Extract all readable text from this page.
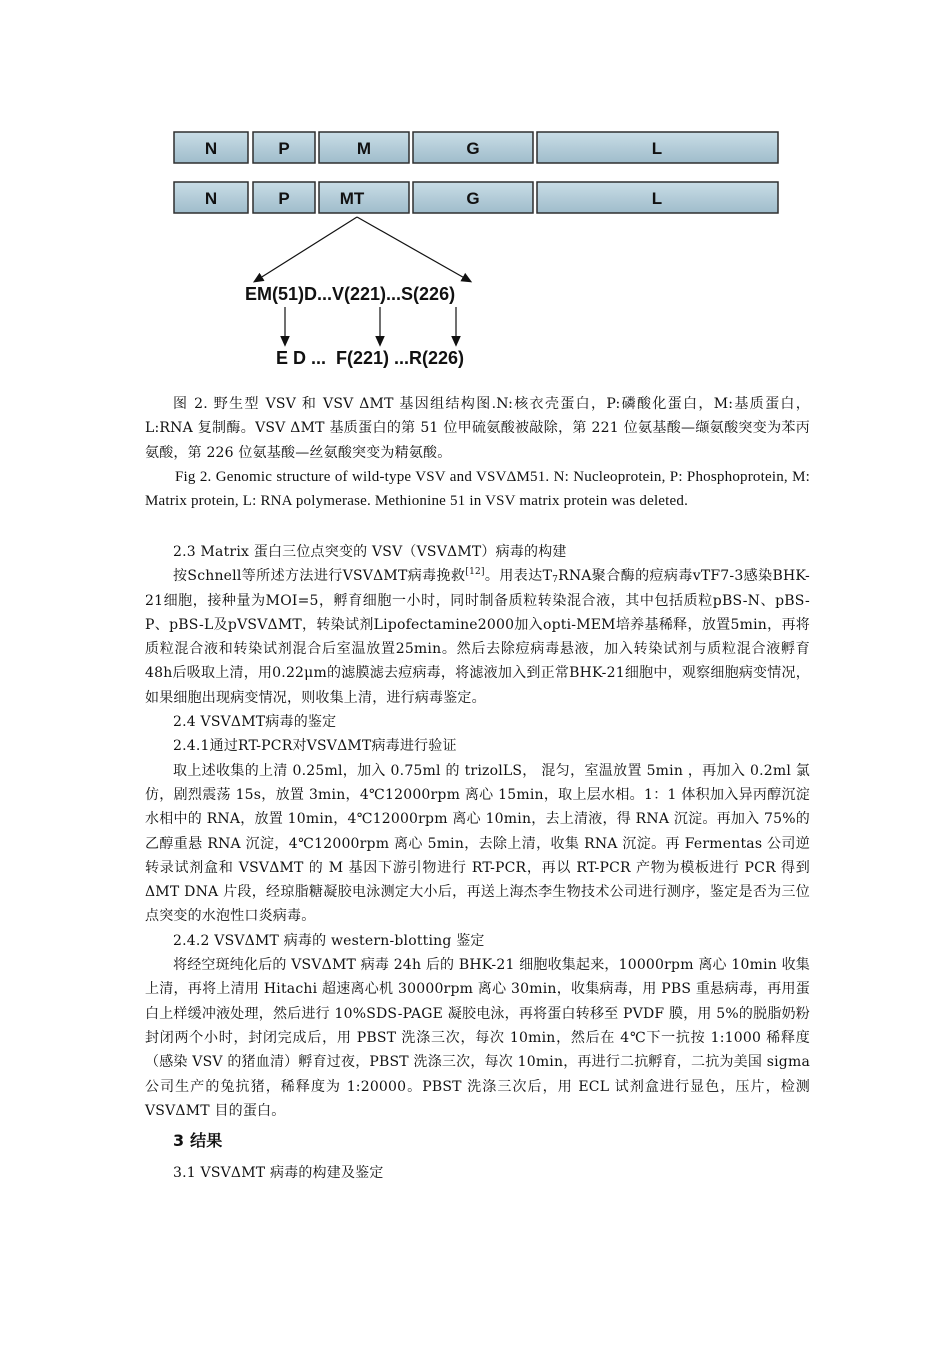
N	P	M	G	L
N	P	MT	G	L
EM(51)D...V(221)...S(226)
E D ...  F(221) ...R(226)

图 2. 野生型 VSV 和 VSV ΔMT 基因组结构图.N:核衣壳蛋白，P:磷酸化蛋白，M:基质蛋白，L:RNA 复制酶。VSV ΔMT 基质蛋白的第 51 位甲硫氨酸被敲除，第 221 位氨基酸—缬氨酸突变为苯丙氨酸，第 226 位氨基酸—丝氨酸突变为精氨酸。

Fig 2. Genomic structure of wild-type VSV and VSVΔM51. N: Nucleoprotein, P: Phosphoprotein, M: Matrix protein, L: RNA polymerase. Methionine 51 in VSV matrix protein was deleted.

2.3 Matrix 蛋白三位点突变的 VSV（VSVΔMT）病毒的构建

按Schnell等所述方法进行VSVΔMT病毒挽救[12]。用表达$T_7RNA$聚合酶的痘病毒vTF7-3感染BHK-21细胞，接种量为MOI=5，孵育细胞一小时，同时制备质粒转染混合液，其中包括质粒pBS-N、pBS-P、pBS-L及pVSVΔMT，转染试剂Lipofectamine2000加入opti-MEM培养基稀释，放置5min，再将质粒混合液和转染试剂混合后室温放置25min。然后去除痘病毒悬液，加入转染试剂与质粒混合液孵育48h后吸取上清，用0.22μm的滤膜滤去痘病毒，将滤液加入到正常BHK-21细胞中，观察细胞病变情况，如果细胞出现病变情况，则收集上清，进行病毒鉴定。

2.4 VSVΔMT病毒的鉴定

2.4.1通过RT-PCR对VSVΔMT病毒进行验证

取上述收集的上清 0.25ml，加入 0.75ml 的 trizolLS， 混匀，室温放置 5min ，再加入 0.2ml 氯仿，剧烈震荡 15s，放置 3min，4℃12000rpm 离心 15min，取上层水相。1：1 体积加入异丙醇沉淀水相中的 RNA，放置 10min，4℃12000rpm 离心 10min，去上清液，得 RNA 沉淀。再加入 75%的乙醇重悬 RNA 沉淀，4℃12000rpm 离心 5min，去除上清，收集 RNA 沉淀。再 Fermentas 公司逆转录试剂盒和 VSVΔMT 的 M 基因下游引物进行 RT-PCR，再以 RT-PCR 产物为模板进行 PCR 得到ΔMT DNA 片段，经琼脂糖凝胶电泳测定大小后，再送上海杰李生物技术公司进行测序，鉴定是否为三位点突变的水泡性口炎病毒。

2.4.2 VSVΔMT 病毒的 western-blotting 鉴定

将经空斑纯化后的 VSVΔMT 病毒 24h 后的 BHK-21 细胞收集起来，10000rpm 离心 10min 收集上清，再将上清用 Hitachi 超速离心机 30000rpm 离心 30min，收集病毒，用 PBS 重悬病毒，再用蛋白上样缓冲液处理，然后进行 10%SDS-PAGE 凝胶电泳，再将蛋白转移至 PVDF 膜，用 5%的脱脂奶粉封闭两个小时，封闭完成后，用 PBST 洗涤三次，每次 10min，然后在 4℃下一抗按 1:1000 稀释度（感染 VSV 的猪血清）孵育过夜，PBST 洗涤三次，每次 10min，再进行二抗孵育，二抗为美国 sigma 公司生产的兔抗猪，稀释度为 1:20000。PBST 洗涤三次后，用 ECL 试剂盒进行显色，压片，检测 VSVΔMT 目的蛋白。

3 结果

3.1 VSVΔMT 病毒的构建及鉴定
